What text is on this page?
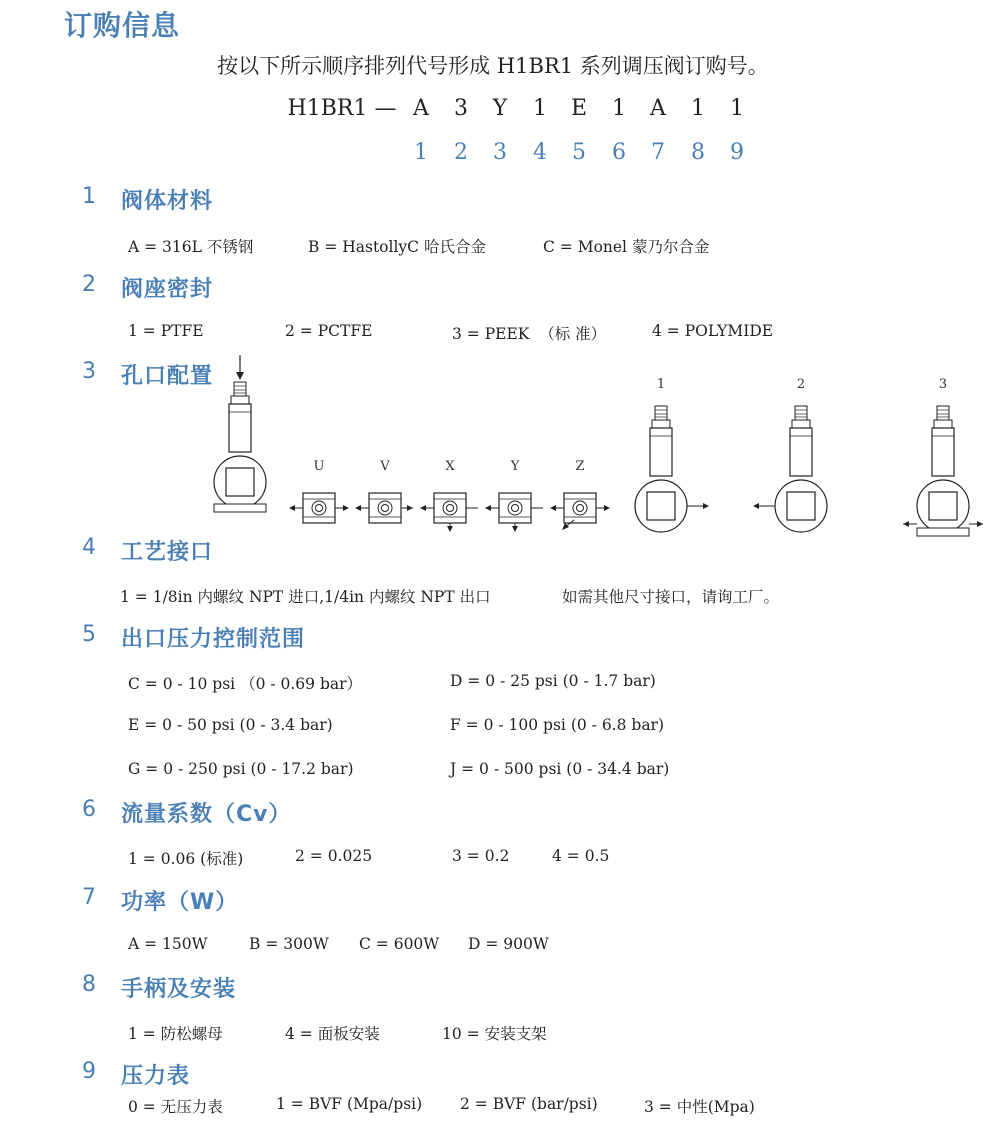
订购信息
按以下所示顺序排列代号形成 H1BR1 系列调压阀订购号。
H1BR1 — A 3 Y 1 E 1 A 1 1
1 2 3 4 5 6 7 8 9
1 阀体材料
A = 316L 不锈钢	B = HastollyC 哈氏合金	C = Monel 蒙乃尔合金
2 阀座密封
1 = PTFE	2 = PCTFE	3 = PEEK  （标 准）	4 = POLYMIDE
3 孔口配置
U	V	X	Y	Z
1	2	3
4 工艺接口
1 = 1/8in 内螺纹 NPT 进口,1/4in 内螺纹 NPT 出口	如需其他尺寸接口，请询工厂。
5 出口压力控制范围
C = 0 - 10 psi （0 - 0.69 bar）	D = 0 - 25 psi (0 - 1.7 bar)
E = 0 - 50 psi (0 - 3.4 bar)	F = 0 - 100 psi (0 - 6.8 bar)
G = 0 - 250 psi (0 - 17.2 bar)	J = 0 - 500 psi (0 - 34.4 bar)
6 流量系数（Cv）
1 = 0.06 (标准)	2 = 0.025	3 = 0.2	4 = 0.5
7 功率（W）
A = 150W	B = 300W C = 600W D = 900W
8 手柄及安装
1 = 防松螺母	4 = 面板安装	10 = 安装支架
9 压力表
0 = 无压力表	1 = BVF (Mpa/psi) 2 = BVF (bar/psi)	3 = 中性(Mpa)
